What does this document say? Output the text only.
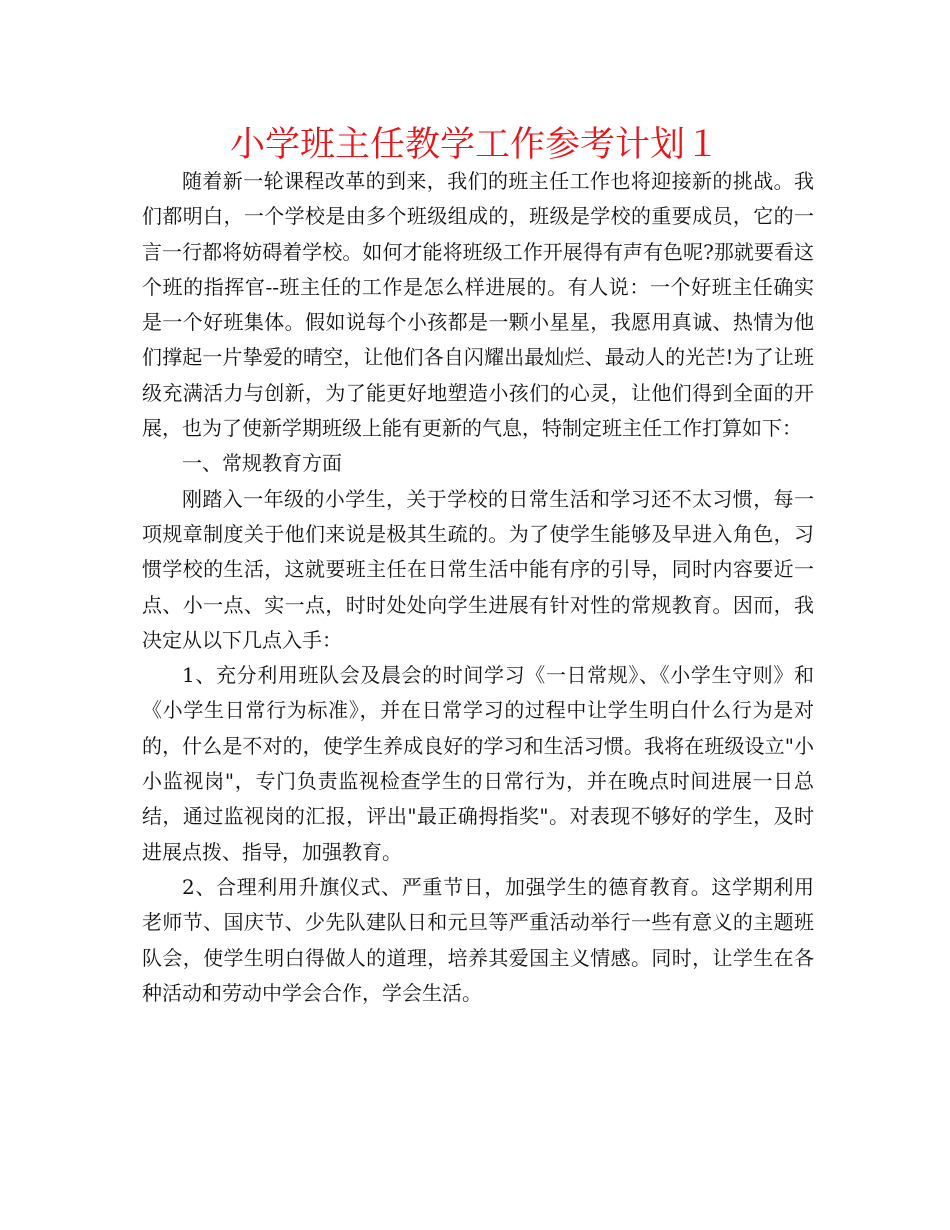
小学班主任教学工作参考计划１

随着新一轮课程改革的到来，我们的班主任工作也将迎接新的挑战。我们都明白，一个学校是由多个班级组成的，班级是学校的重要成员，它的一言一行都将妨碍着学校。如何才能将班级工作开展得有声有色呢?那就要看这个班的指挥官--班主任的工作是怎么样进展的。有人说：一个好班主任确实是一个好班集体。假如说每个小孩都是一颗小星星，我愿用真诚、热情为他们撑起一片挚爱的晴空，让他们各自闪耀出最灿烂、最动人的光芒!为了让班级充满活力与创新，为了能更好地塑造小孩们的心灵，让他们得到全面的开展，也为了使新学期班级上能有更新的气息，特制定班主任工作打算如下：

一、常规教育方面

刚踏入一年级的小学生，关于学校的日常生活和学习还不太习惯，每一项规章制度关于他们来说是极其生疏的。为了使学生能够及早进入角色，习惯学校的生活，这就要班主任在日常生活中能有序的引导，同时内容要近一点、小一点、实一点，时时处处向学生进展有针对性的常规教育。因而，我决定从以下几点入手：

1、充分利用班队会及晨会的时间学习《一日常规》、《小学生守则》和《小学生日常行为标准》，并在日常学习的过程中让学生明白什么行为是对的，什么是不对的，使学生养成良好的学习和生活习惯。我将在班级设立"小小监视岗"，专门负责监视检查学生的日常行为，并在晚点时间进展一日总结，通过监视岗的汇报，评出"最正确拇指奖"。对表现不够好的学生，及时进展点拨、指导，加强教育。

2、合理利用升旗仪式、严重节日，加强学生的德育教育。这学期利用老师节、国庆节、少先队建队日和元旦等严重活动举行一些有意义的主题班队会，使学生明白得做人的道理，培养其爱国主义情感。同时，让学生在各种活动和劳动中学会合作，学会生活。
